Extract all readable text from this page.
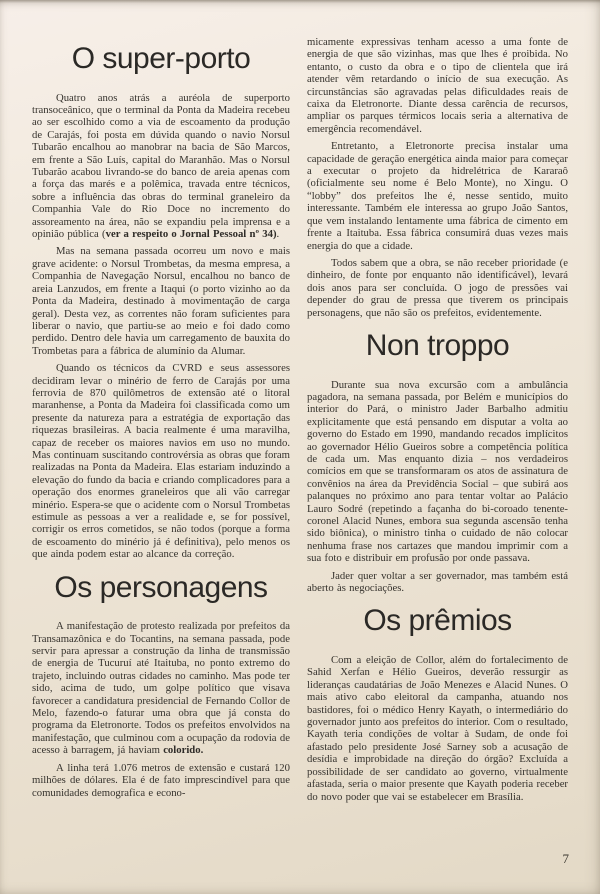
O super-porto

Quatro anos atrás a auréola de superporto transoceânico, que o terminal da Ponta da Madeira recebeu ao ser escolhido como a via de escoamento da produção de Carajás, foi posta em dúvida quando o navio Norsul Tubarão encalhou ao manobrar na bacia de São Marcos, em frente a São Luís, capital do Maranhão. Mas o Norsul Tubarão acabou livrando-se do banco de areia apenas com a força das marés e a polêmica, travada entre técnicos, sobre a influência das obras do terminal graneleiro da Companhia Vale do Rio Doce no incremento do assoreamento na área, não se expandiu pela imprensa e a opinião pública (ver a respeito o Jornal Pessoal nº 34).

Mas na semana passada ocorreu um novo e mais grave acidente: o Norsul Trombetas, da mesma empresa, a Companhia de Navegação Norsul, encalhou no banco de areia Lanzudos, em frente a Itaqui (o porto vizinho ao da Ponta da Madeira, destinado à movimentação de carga geral). Desta vez, as correntes não foram suficientes para liberar o navio, que partiu-se ao meio e foi dado como perdido. Dentro dele havia um carregamento de bauxita do Trombetas para a fábrica de alumínio da Alumar.

Quando os técnicos da CVRD e seus assessores decidiram levar o minério de ferro de Carajás por uma ferrovia de 870 quilômetros de extensão até o litoral maranhense, a Ponta da Madeira foi classificada como um presente da natureza para a estratégia de exportação das riquezas brasileiras. A bacia realmente é uma maravilha, capaz de receber os maiores navios em uso no mundo. Mas continuam suscitando controvérsia as obras que foram realizadas na Ponta da Madeira. Elas estariam induzindo a elevação do fundo da bacia e criando complicadores para a operação dos enormes graneleiros que ali vão carregar minério. Espera-se que o acidente com o Norsul Trombetas estimule as pessoas a ver a realidade e, se for possível, corrigir os erros cometidos, se não todos (porque a forma de escoamento do minério já é definitiva), pelo menos os que ainda podem estar ao alcance da correção.

Os personagens

A manifestação de protesto realizada por prefeitos da Transamazônica e do Tocantins, na semana passada, pode servir para apressar a construção da linha de transmissão de energia de Tucuruí até Itaituba, no ponto extremo do trajeto, incluindo outras cidades no caminho. Mas pode ter sido, acima de tudo, um golpe político que visava favorecer a candidatura presidencial de Fernando Collor de Melo, fazendo-o faturar uma obra que já consta do programa da Eletronorte. Todos os prefeitos envolvidos na manifestação, que culminou com a ocupação da rodovia de acesso à barragem, já haviam colorido.

A linha terá 1.076 metros de extensão e custará 120 milhões de dólares. Ela é de fato imprescindível para que comunidades demografica e econo-

micamente expressivas tenham acesso a uma fonte de energia de que são vizinhas, mas que lhes é proibida. No entanto, o custo da obra e o tipo de clientela que irá atender vêm retardando o início de sua execução. As circunstâncias são agravadas pelas dificuldades reais de caixa da Eletronorte. Diante dessa carência de recursos, ampliar os parques térmicos locais seria a alternativa de emergência recomendável.

Entretanto, a Eletronorte precisa instalar uma capacidade de geração energética ainda maior para começar a executar o projeto da hidrelétrica de Kararaô (oficialmente seu nome é Belo Monte), no Xingu. O “lobby” dos prefeitos lhe é, nesse sentido, muito interessante. Também ele interessa ao grupo João Santos, que vem instalando lentamente uma fábrica de cimento em frente a Itaituba. Essa fábrica consumirá duas vezes mais energia do que a cidade.

Todos sabem que a obra, se não receber prioridade (e dinheiro, de fonte por enquanto não identificável), levará dois anos para ser concluída. O jogo de pressões vai depender do grau de pressa que tiverem os principais personagens, que não são os prefeitos, evidentemente.

Non troppo

Durante sua nova excursão com a ambulância pagadora, na semana passada, por Belém e municípios do interior do Pará, o ministro Jader Barbalho admitiu explicitamente que está pensando em disputar a volta ao governo do Estado em 1990, mandando recados implícitos ao governador Hélio Gueiros sobre a competência política de cada um. Mas enquanto dizia – nos verdadeiros comícios em que se transformaram os atos de assinatura de convênios na área da Previdência Social – que subirá aos palanques no próximo ano para tentar voltar ao Palácio Lauro Sodré (repetindo a façanha do bi-coroado tenente-coronel Alacid Nunes, embora sua segunda ascensão tenha sido biônica), o ministro tinha o cuidado de não colocar nenhuma frase nos cartazes que mandou imprimir com a sua foto e distribuir em profusão por onde passava.

Jader quer voltar a ser governador, mas também está aberto às negociações.

Os prêmios

Com a eleição de Collor, além do fortalecimento de Sahid Xerfan e Hélio Gueiros, deverão ressurgir as lideranças caudatárias de João Menezes e Alacid Nunes. O mais ativo cabo eleitoral da campanha, atuando nos bastidores, foi o médico Henry Kayath, o intermediário do governador junto aos prefeitos do interior. Com o resultado, Kayath teria condições de voltar à Sudam, de onde foi afastado pelo presidente José Sarney sob a acusação de desídia e improbidade na direção do órgão? Excluída a possibilidade de ser candidato ao governo, virtualmente afastada, seria o maior presente que Kayath poderia receber do novo poder que vai se estabelecer em Brasília.

7
